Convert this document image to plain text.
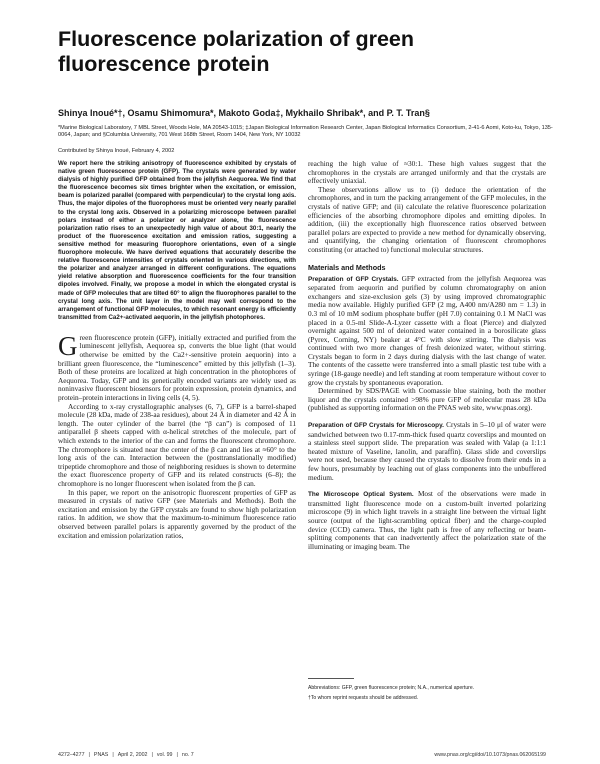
Fluorescence polarization of green fluorescence protein
Shinya Inoué*†, Osamu Shimomura*, Makoto Goda‡, Mykhailo Shribak*, and P. T. Tran§
*Marine Biological Laboratory, 7 MBL Street, Woods Hole, MA 20543-1015; ‡Japan Biological Information Research Center, Japan Biological Informatics Consortium, 2-41-6 Aomi, Koto-ku, Tokyo, 135-0064, Japan; and §Columbia University, 701 West 168th Street, Room 1404, New York, NY 10032
Contributed by Shinya Inoué, February 4, 2002

We report here the striking anisotropy of fluorescence exhibited by crystals of native green fluorescence protein (GFP). The crystals were generated by water dialysis of highly purified GFP obtained from the jellyfish Aequorea. We find that the fluorescence becomes six times brighter when the excitation, or emission, beam is polarized parallel (compared with perpendicular) to the crystal long axis. Thus, the major dipoles of the fluorophores must be oriented very nearly parallel to the crystal long axis. Observed in a polarizing microscope between parallel polars instead of either a polarizer or analyzer alone, the fluorescence polarization ratio rises to an unexpectedly high value of about 30:1, nearly the product of the fluorescence excitation and emission ratios, suggesting a sensitive method for measuring fluorophore orientations, even of a single fluorophore molecule. We have derived equations that accurately describe the relative fluorescence intensities of crystals oriented in various directions, with the polarizer and analyzer arranged in different configurations. The equations yield relative absorption and fluorescence coefficients for the four transition dipoles involved. Finally, we propose a model in which the elongated crystal is made of GFP molecules that are tilted 60° to align the fluorophores parallel to the crystal long axis. The unit layer in the model may well correspond to the arrangement of functional GFP molecules, to which resonant energy is efficiently transmitted from Ca2+-activated aequorin, in the jellyfish photophores.

Green fluorescence protein (GFP), initially extracted and purified from the luminescent jellyfish, Aequorea sp, converts the blue light (that would otherwise be emitted by the Ca2+-sensitive protein aequorin) into a brilliant green fluorescence, the “luminescence” emitted by this jellyfish (1–3). Both of these proteins are localized at high concentration in the photophores of Aequorea. Today, GFP and its genetically encoded variants are widely used as noninvasive fluorescent biosensors for protein expression, protein dynamics, and protein–protein interactions in living cells (4, 5).

According to x-ray crystallographic analyses (6, 7), GFP is a barrel-shaped molecule (28 kDa, made of 238-aa residues), about 24 Å in diameter and 42 Å in length. The outer cylinder of the barrel (the “β can”) is composed of 11 antiparallel β sheets capped with α-helical stretches of the molecule, part of which extends to the interior of the can and forms the fluorescent chromophore. The chromophore is situated near the center of the β can and lies at ≈60° to the long axis of the can. Interaction between the (posttranslationally modified) tripeptide chromophore and those of neighboring residues is shown to determine the exact fluorescence property of GFP and its related constructs (6–8); the chromophore is no longer fluorescent when isolated from the β can.

In this paper, we report on the anisotropic fluorescent properties of GFP as measured in crystals of native GFP (see Materials and Methods). Both the excitation and emission by the GFP crystals are found to show high polarization ratios. In addition, we show that the maximum-to-minimum fluorescence ratio observed between parallel polars is apparently governed by the product of the excitation and emission polarization ratios,

reaching the high value of ≈30:1. These high values suggest that the chromophores in the crystals are arranged uniformly and that the crystals are effectively uniaxial.

These observations allow us to (i) deduce the orientation of the chromophores, and in turn the packing arrangement of the GFP molecules, in the crystals of native GFP; and (ii) calculate the relative fluorescence polarization efficiencies of the absorbing chromophore dipoles and emitting dipoles. In addition, (iii) the exceptionally high fluorescence ratios observed between parallel polars are expected to provide a new method for dynamically observing, and quantifying, the changing orientation of fluorescent chromophores constituting (or attached to) functional molecular structures.

Materials and Methods

Preparation of GFP Crystals. GFP extracted from the jellyfish Aequorea was separated from aequorin and purified by column chromatography on anion exchangers and size-exclusion gels (3) by using improved chromatographic media now available. Highly purified GFP (2 mg, A400 nm/A280 nm = 1.3) in 0.3 ml of 10 mM sodium phosphate buffer (pH 7.0) containing 0.1 M NaCl was placed in a 0.5-ml Slide-A-Lyzer cassette with a float (Pierce) and dialyzed overnight against 500 ml of deionized water contained in a borosilicate glass (Pyrex, Corning, NY) beaker at 4°C with slow stirring. The dialysis was continued with two more changes of fresh deionized water, without stirring. Crystals began to form in 2 days during dialysis with the last change of water. The contents of the cassette were transferred into a small plastic test tube with a syringe (18-gauge needle) and left standing at room temperature without cover to grow the crystals by spontaneous evaporation.

Determined by SDS/PAGE with Coomassie blue staining, both the mother liquor and the crystals contained >98% pure GFP of molecular mass 28 kDa (published as supporting information on the PNAS web site, www.pnas.org).

Preparation of GFP Crystals for Microscopy. Crystals in 5–10 μl of water were sandwiched between two 0.17-mm-thick fused quartz coverslips and mounted on a stainless steel support slide. The preparation was sealed with Valap (a 1:1:1 heated mixture of Vaseline, lanolin, and paraffin). Glass slide and coverslips were not used, because they caused the crystals to dissolve from their ends in a few hours, presumably by leaching out of glass components into the unbuffered medium.

The Microscope Optical System. Most of the observations were made in transmitted light fluorescence mode on a custom-built inverted polarizing microscope (9) in which light travels in a straight line between the virtual light source (output of the light-scrambling optical fiber) and the charge-coupled device (CCD) camera. Thus, the light path is free of any reflecting or beam-splitting components that can inadvertently affect the polarization state of the illuminating or imaging beam. The

Abbreviations: GFP, green fluorescence protein; N.A., numerical aperture.
†To whom reprint requests should be addressed.
4272–4277 | PNAS | April 2, 2002 | vol. 99 | no. 7	www.pnas.org/cgi/doi/10.1073/pnas.062065199
